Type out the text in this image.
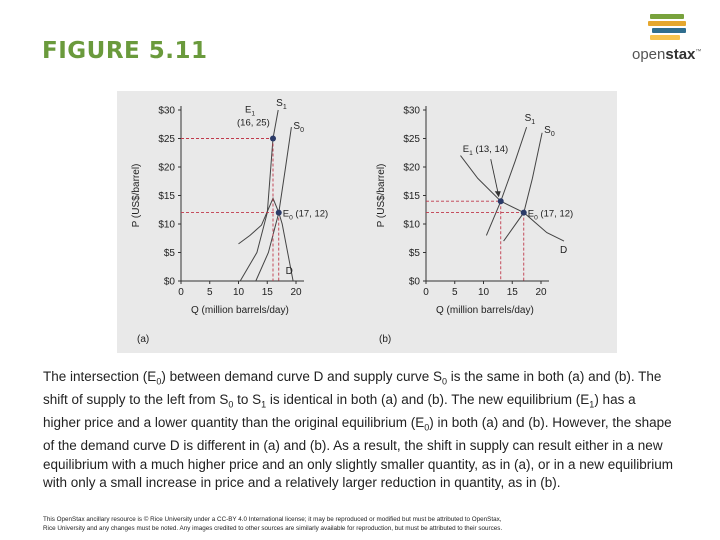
FIGURE 5.11	openstax™
$0
$5
$10
$15
$20
$25
$30
0 5 10 15 20
Q (million barrels/day)
P (US$/barrel)
$S_1$
$S_0$
D
$E_1$
(16, 25)
$E_0$ (17, 12)
(a)
$0
$5
$10
$15
$20
$25
$30
0 5 10 15 20
Q (million barrels/day)
P (US$/barrel)
$S_1$
$S_0$
D
$E_1$ (13, 14)
$E_0$ (17, 12)
(b)
The intersection $(E_0)$ between demand curve D and supply curve $S_0$ is the same in both (a) and (b). The shift of supply to the left from $S_0$ to $S_1$ is identical in both (a) and (b). The new equilibrium $(E_1)$ has a higher price and a lower quantity than the original equilibrium $(E_0)$ in both (a) and (b). However, the shape of the demand curve D is different in (a) and (b). As a result, the shift in supply can result either in a new equilibrium with a much higher price and an only slightly smaller quantity, as in (a), or in a new equilibrium with only a small increase in price and a relatively larger reduction in quantity, as in (b).
This OpenStax ancillary resource is © Rice University under a CC-BY 4.0 International license; it may be reproduced or modified but must be attributed to OpenStax,
Rice University and any changes must be noted. Any images credited to other sources are similarly available for reproduction, but must be attributed to their sources.
